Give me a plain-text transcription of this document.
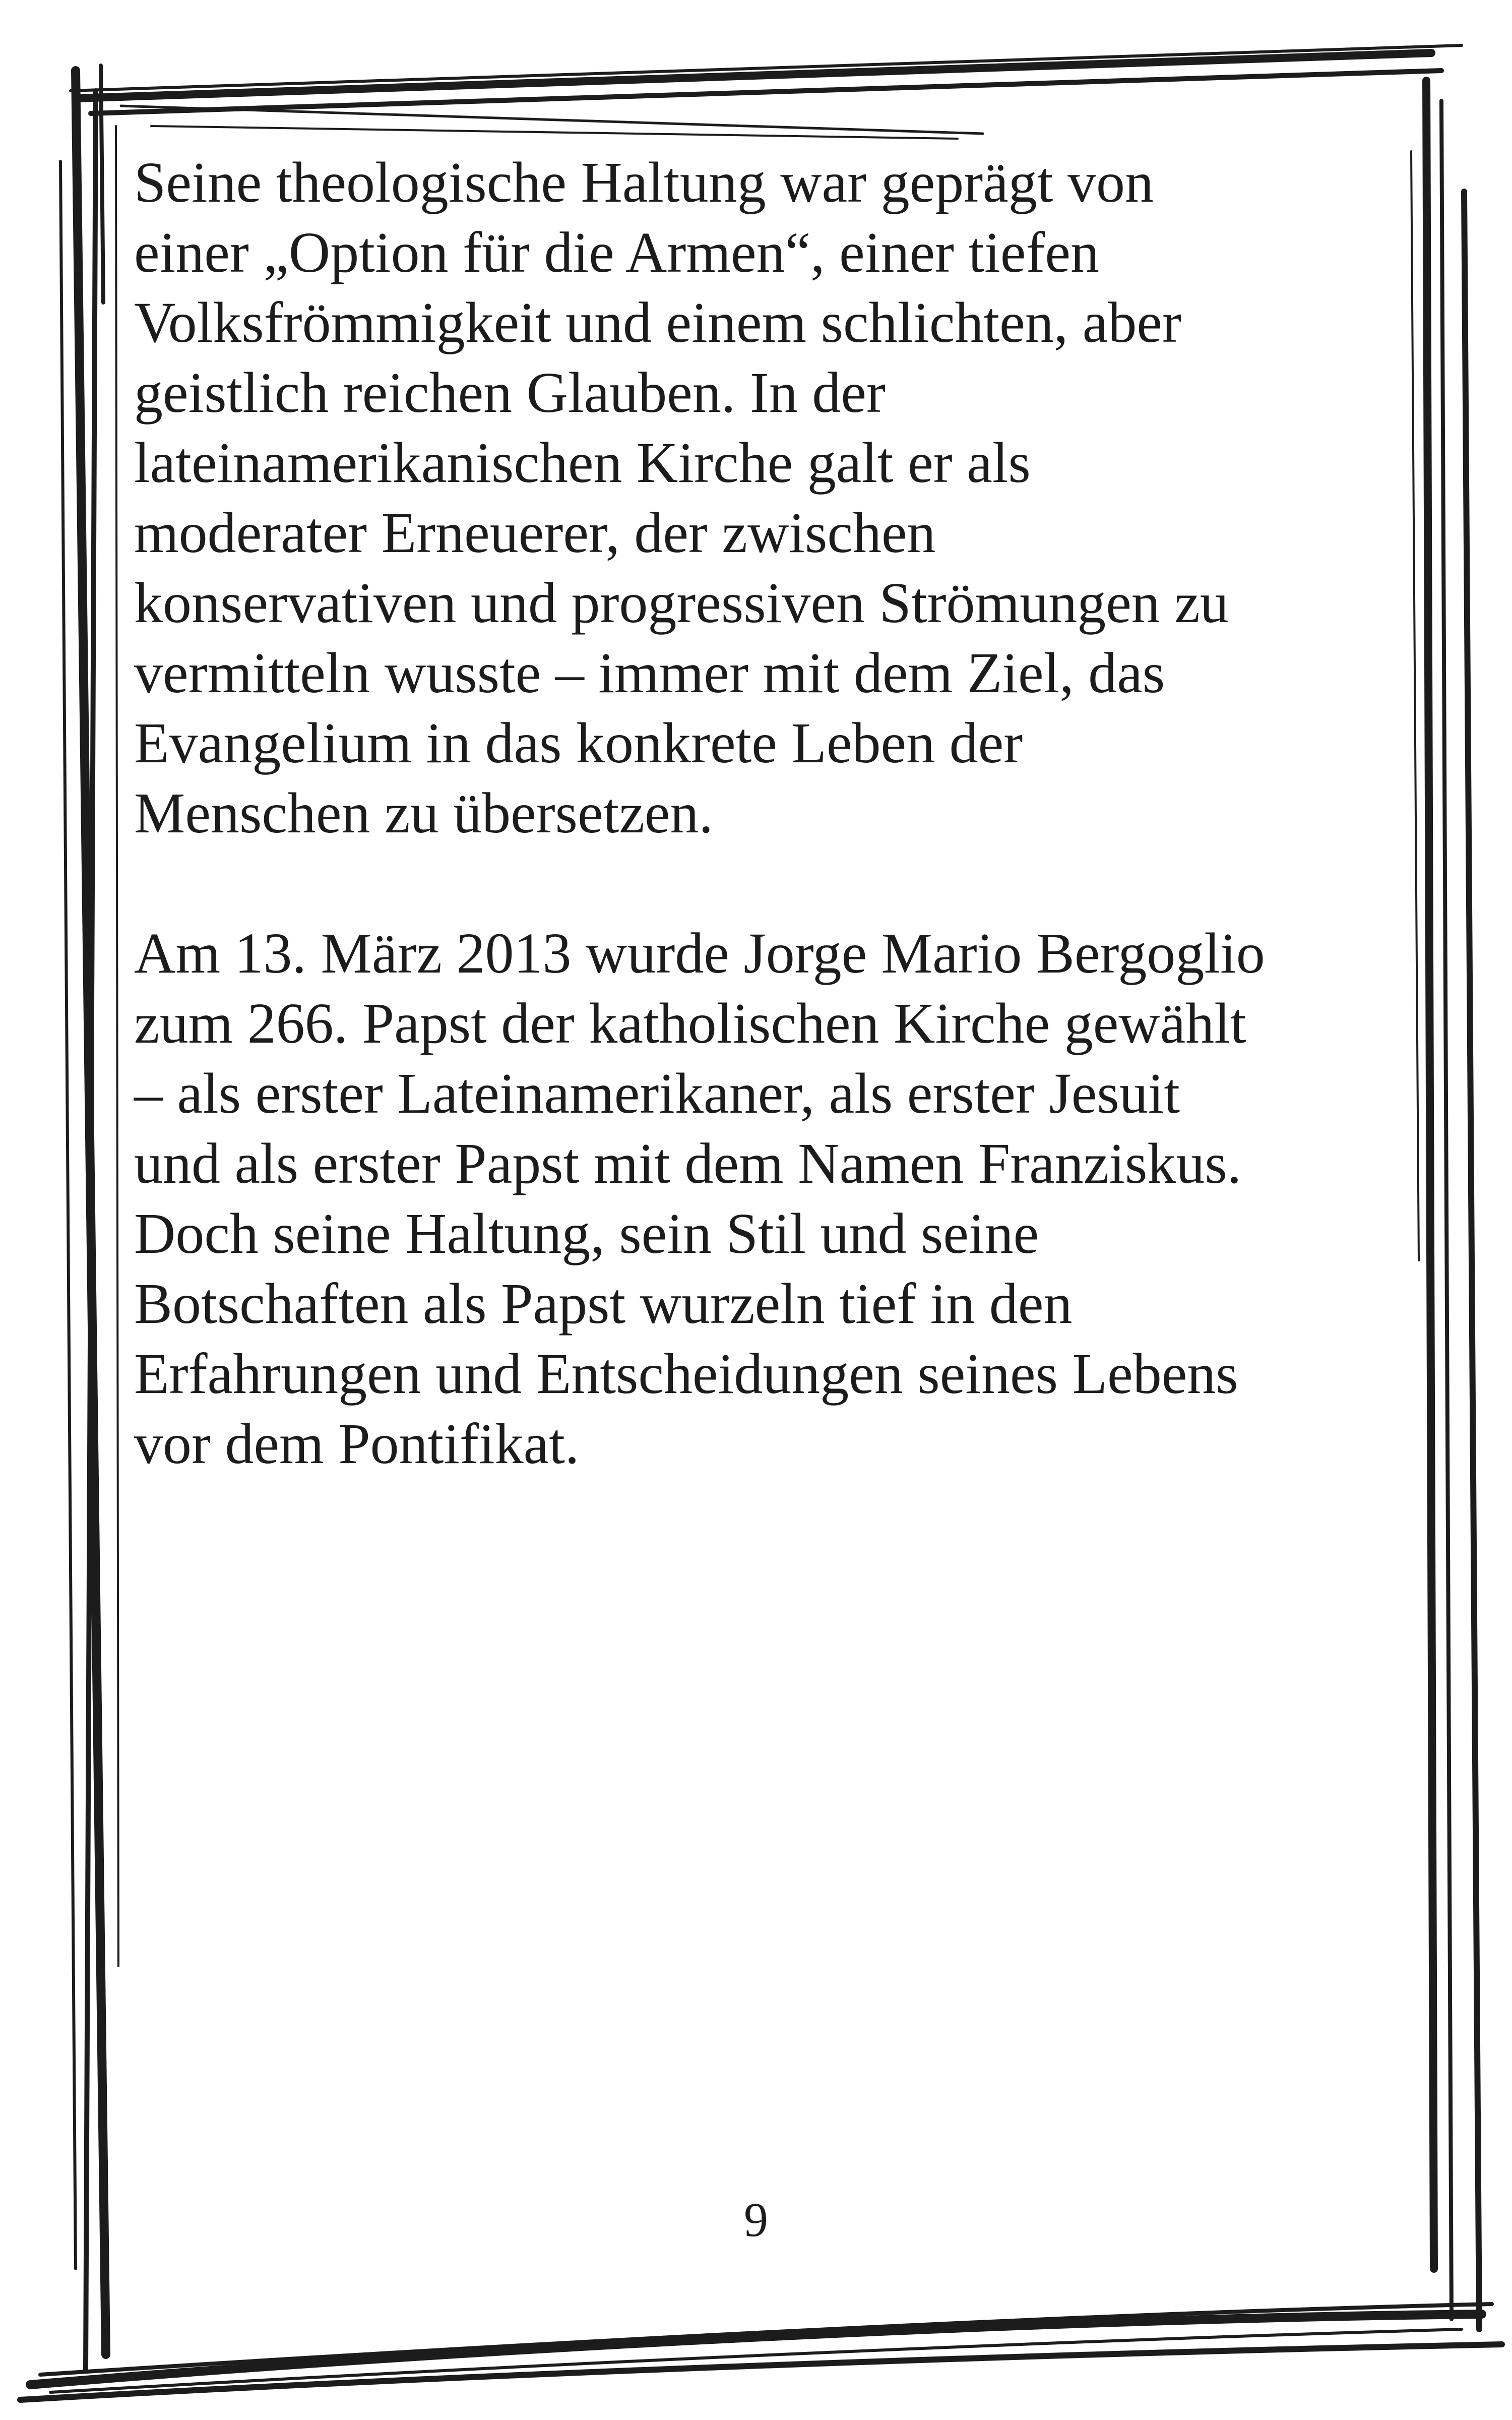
Seine theologische Haltung war geprägt von
einer „Option für die Armen“, einer tiefen
Volksfrömmigkeit und einem schlichten, aber
geistlich reichen Glauben. In der
lateinamerikanischen Kirche galt er als
moderater Erneuerer, der zwischen
konservativen und progressiven Strömungen zu
vermitteln wusste – immer mit dem Ziel, das
Evangelium in das konkrete Leben der
Menschen zu übersetzen.

Am 13. März 2013 wurde Jorge Mario Bergoglio
zum 266. Papst der katholischen Kirche gewählt
– als erster Lateinamerikaner, als erster Jesuit
und als erster Papst mit dem Namen Franziskus.
Doch seine Haltung, sein Stil und seine
Botschaften als Papst wurzeln tief in den
Erfahrungen und Entscheidungen seines Lebens
vor dem Pontifikat.

9
